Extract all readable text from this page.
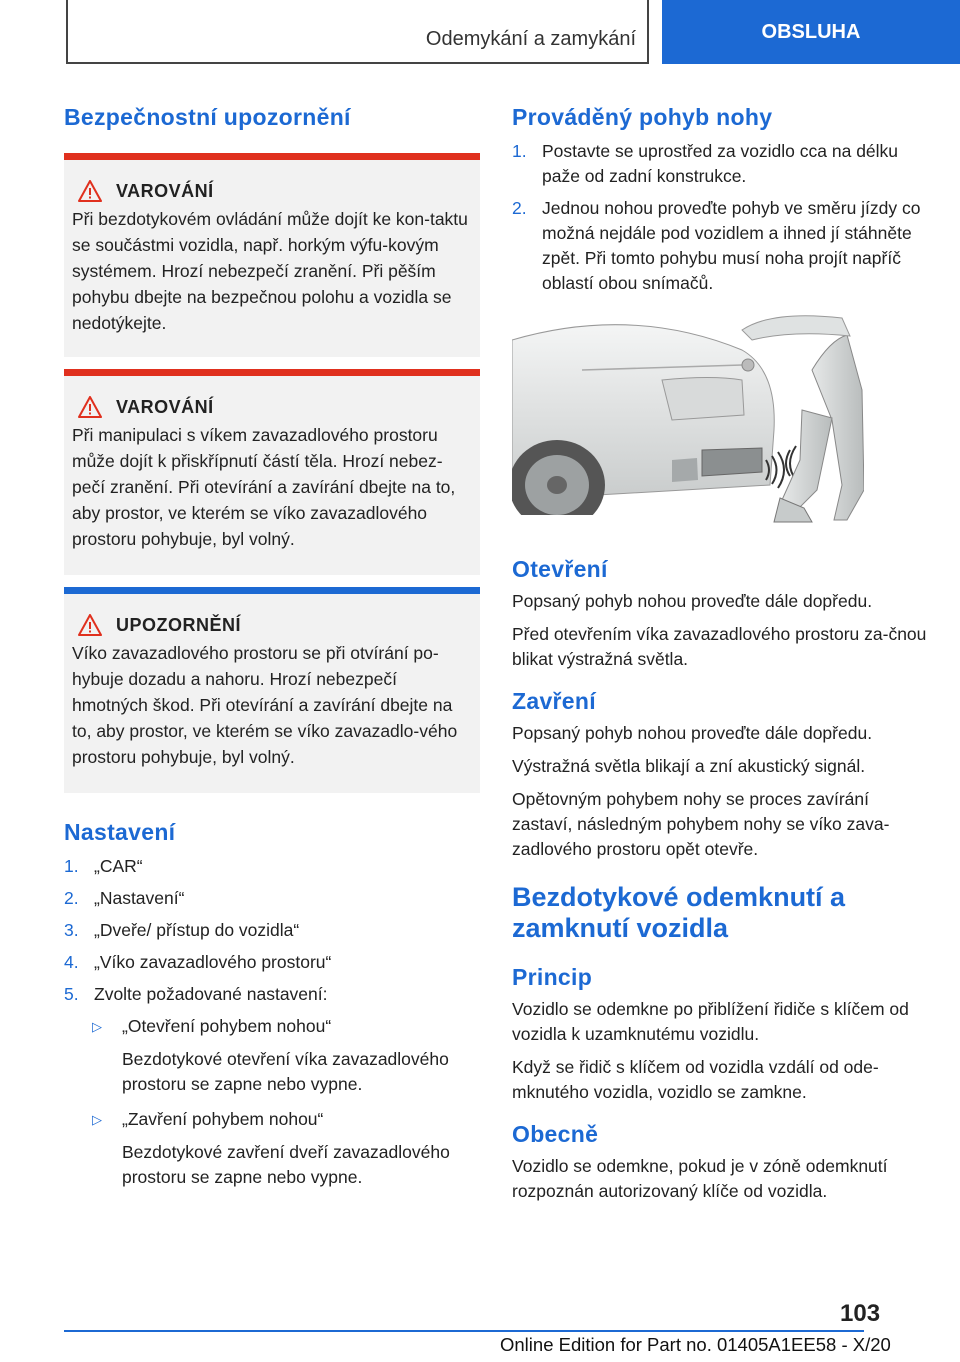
Odemykání a zamykání	OBSLUHA
Bezpečnostní upozornění
VAROVÁNÍ
Při bezdotykovém ovládání může dojít ke kon-taktu se součástmi vozidla, např. horkým výfu-kovým systémem. Hrozí nebezpečí zranění. Při pěším pohybu dbejte na bezpečnou polohu a vozidla se nedotýkejte.
VAROVÁNÍ
Při manipulaci s víkem zavazadlového prostoru může dojít k přiskřípnutí částí těla. Hrozí nebez-pečí zranění. Při otevírání a zavírání dbejte na to, aby prostor, ve kterém se víko zavazadlového prostoru pohybuje, byl volný.
UPOZORNĚNÍ
Víko zavazadlového prostoru se při otvírání po-hybuje dozadu a nahoru. Hrozí nebezpečí hmotných škod. Při otevírání a zavírání dbejte na to, aby prostor, ve kterém se víko zavazadlo-vého prostoru pohybuje, byl volný.
Nastavení
1. „CAR“
2. „Nastavení“
3. „Dveře/ přístup do vozidla“
4. „Víko zavazadlového prostoru“
5. Zvolte požadované nastavení:
▷	„Otevření pohybem nohou“

Bezdotykové otevření víka zavazadlového prostoru se zapne nebo vypne.

▷	„Zavření pohybem nohou“

Bezdotykové zavření dveří zavazadlového prostoru se zapne nebo vypne.

Prováděný pohyb nohy
1. Postavte se uprostřed za vozidlo cca na délku paže od zadní konstrukce.
2. Jednou nohou proveďte pohyb ve směru jízdy co možná nejdále pod vozidlem a ihned jí stáhněte zpět. Při tomto pohybu musí noha projít napříč oblastí obou snímačů.
Otevření

Popsaný pohyb nohou proveďte dále dopředu.

Před otevřením víka zavazadlového prostoru za-čnou blikat výstražná světla.

Zavření

Popsaný pohyb nohou proveďte dále dopředu.

Výstražná světla blikají a zní akustický signál.

Opětovným pohybem nohy se proces zavírání zastaví, následným pohybem nohy se víko zava-zadlového prostoru opět otevře.

Bezdotykové odemknutí a zamknutí vozidla
Princip

Vozidlo se odemkne po přiblížení řidiče s klíčem od vozidla k uzamknutému vozidlu.

Když se řidič s klíčem od vozidla vzdálí od ode-mknutého vozidla, vozidlo se zamkne.

Obecně

Vozidlo se odemkne, pokud je v zóně odemknutí rozpoznán autorizovaný klíče od vozidla.

103
Online Edition for Part no. 01405A1EE58 - X/20
